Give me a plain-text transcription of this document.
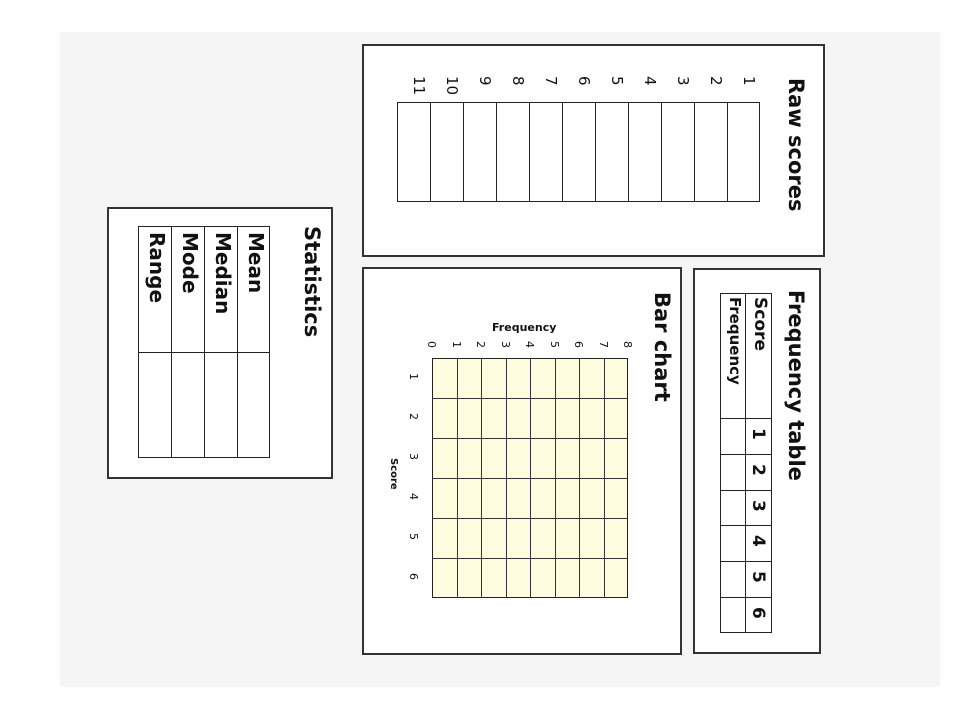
Raw scores
Frequency table
Score
Frequency
Bar chart
Frequency
Score
Statistics
1
2
3
4
5
6
7
8
9
10
11
1
2
3
4
5
6
0 1 2 3 4 5 6 7 8
1
2
3
4
5
6
Mean
Median
Mode
Range
